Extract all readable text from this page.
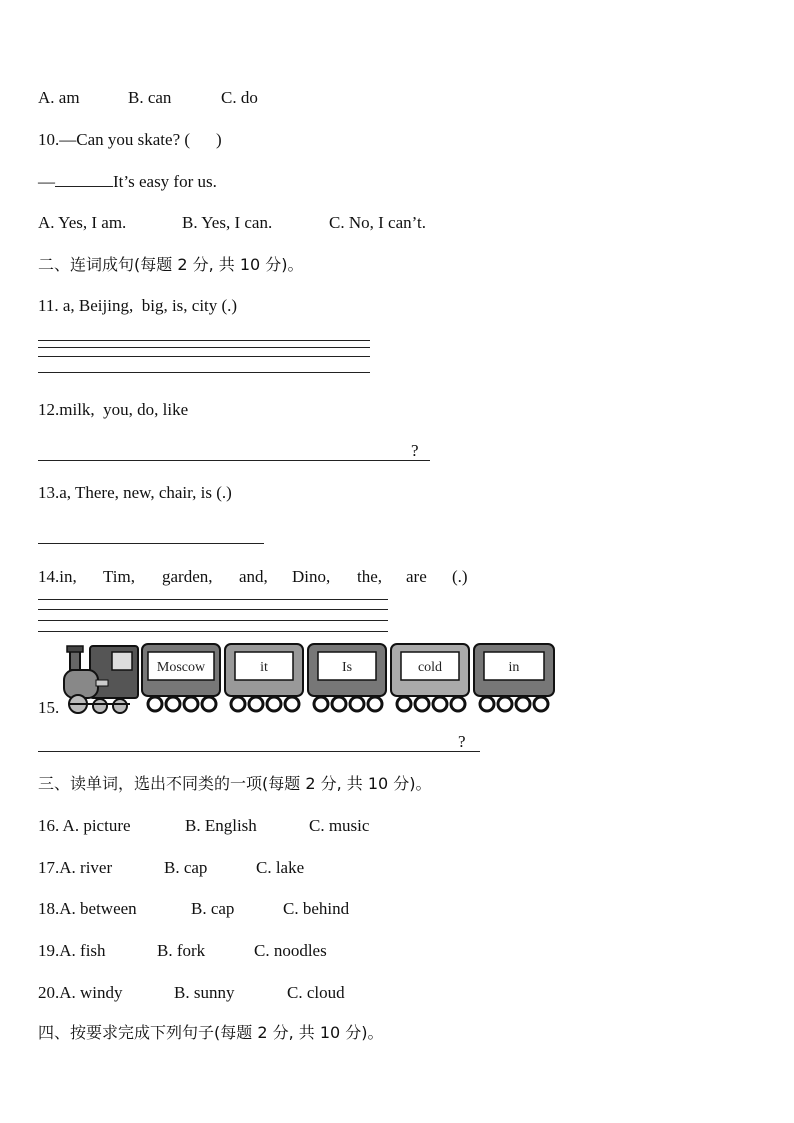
A. am	B. can	C. do
10.—Can you skate? ( )
—	It’s easy for us.
A. Yes, I am.	B. Yes, I can.	C. No, I can’t.
二、连词成句(每题 2 分, 共 10 分)。
11. a, Beijing,  big, is, city (.)
12.milk,  you, do, like
?
13.a, There, new, chair, is (.)
14.in, Tim, garden, and, Dino, the, are (.)
15.
Moscow	it	Is	cold	in
?
三、读单词，选出不同类的一项(每题 2 分, 共 10 分)。
16. A. picture	B. English	C. music
17.A. river	B. cap	C. lake
18.A. between	B. cap	C. behind
19.A. fish	B. fork	C. noodles
20.A. windy	B. sunny	C. cloud
四、按要求完成下列句子(每题 2 分, 共 10 分)。
